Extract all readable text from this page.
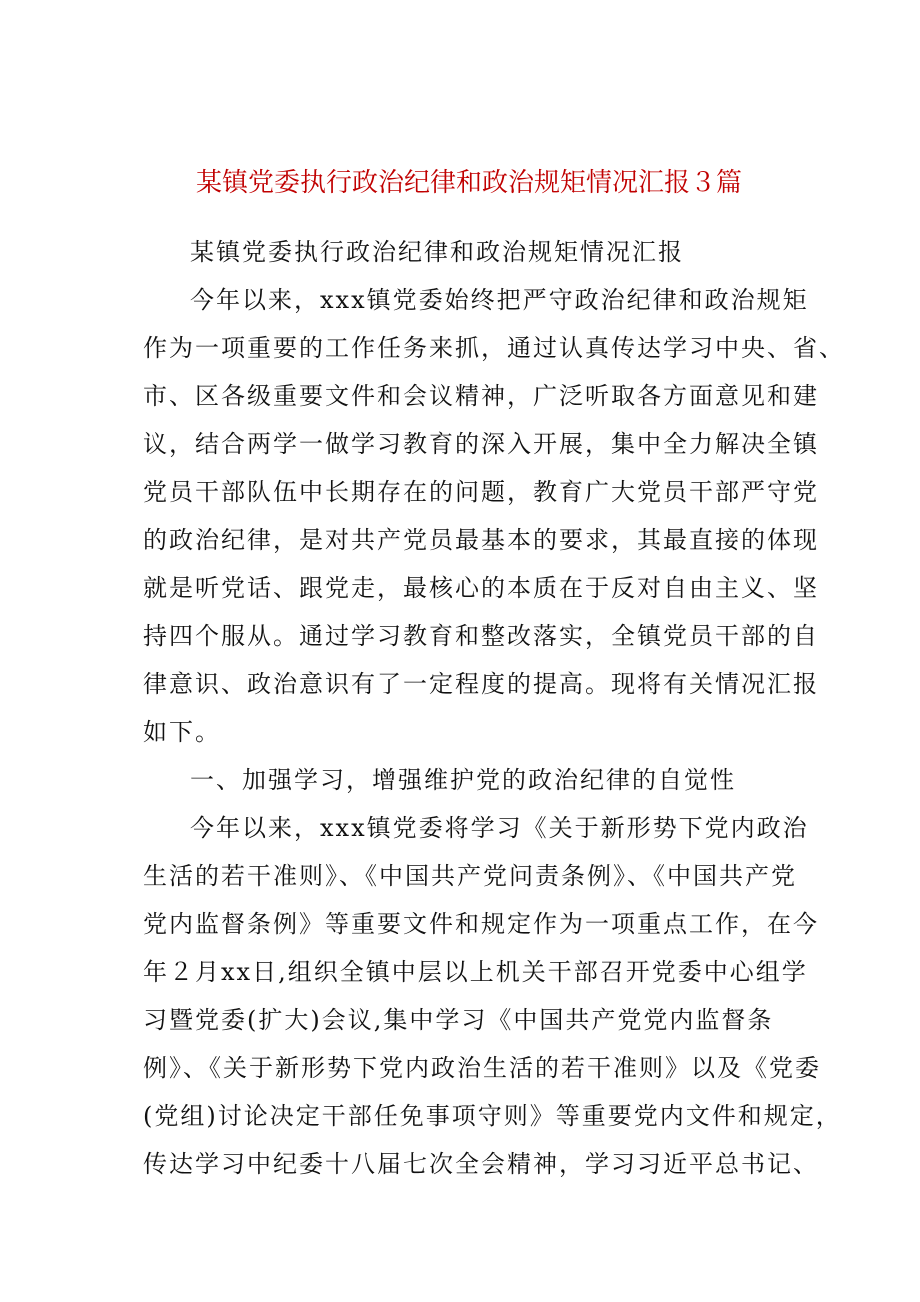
某镇党委执行政治纪律和政治规矩情况汇报３篇

某镇党委执行政治纪律和政治规矩情况汇报

今年以来，xxx镇党委始终把严守政治纪律和政治规矩

作为一项重要的工作任务来抓，通过认真传达学习中央、省、

市、区各级重要文件和会议精神，广泛听取各方面意见和建

议，结合两学一做学习教育的深入开展，集中全力解决全镇

党员干部队伍中长期存在的问题，教育广大党员干部严守党

的政治纪律，是对共产党员最基本的要求，其最直接的体现

就是听党话、跟党走，最核心的本质在于反对自由主义、坚

持四个服从。通过学习教育和整改落实，全镇党员干部的自

律意识、政治意识有了一定程度的提高。现将有关情况汇报

如下。

一、加强学习，增强维护党的政治纪律的自觉性

今年以来，xxx镇党委将学习《关于新形势下党内政治

生活的若干准则》、《中国共产党问责条例》、《中国共产党

党内监督条例》等重要文件和规定作为一项重点工作，在今

年２月xx日,组织全镇中层以上机关干部召开党委中心组学

习暨党委(扩大)会议,集中学习《中国共产党党内监督条

例》、《关于新形势下党内政治生活的若干准则》以及《党委

(党组)讨论决定干部任免事项守则》等重要党内文件和规定，

传达学习中纪委十八届七次全会精神，学习习近平总书记、
